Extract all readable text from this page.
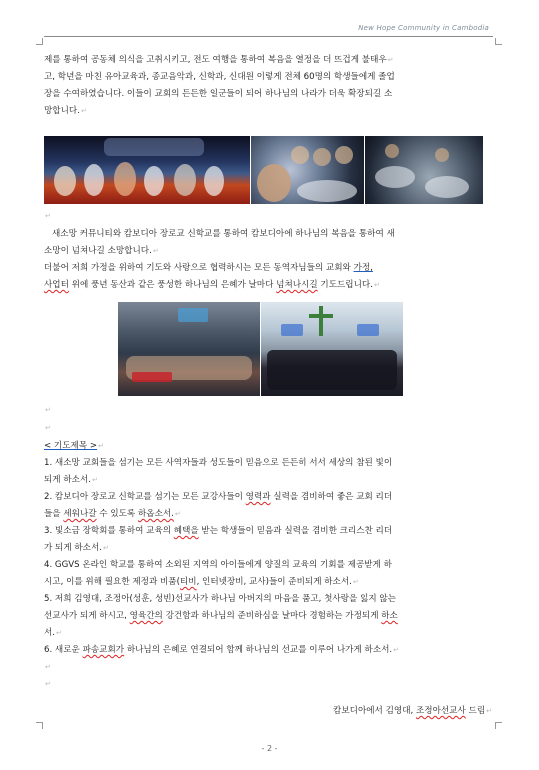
New Hope Community in Cambodia

제를 통하여 공동체 의식을 고취시키고, 전도 여행을 통하여 복음을 열정을 더 뜨겁게 불태우↵

고, 학년을 마친 유아교육과, 종교음악과, 신학과, 신대원 이렇게 전체 60명의 학생들에게 졸업

장을 수여하였습니다. 이들이 교회의 든든한 일군들이 되어 하나님의 나라가 더욱 확장되길 소

망합니다.↵

↵

새소망 커뮤니티와 캄보디아 장로교 신학교를 통하여 캄보디아에 하나님의 복음을 통하여 새

소망이 넘쳐나길 소망합니다.↵

더불어 저희 가정을 위하여 기도와 사랑으로 협력하시는 모든 동역자님들의 교회와 가정,

사업터 위에 풍년 동산과 같은 풍성한 하나님의 은혜가 날마다 넘쳐나시길 기도드립니다.↵

↵

↵

< 기도제목 >↵

1. 새소망 교회들을 섬기는 모든 사역자들과 성도들이 믿음으로 든든히 서서 세상의 참된 빛이

되게 하소서.↵

2. 캄보디아 장로교 신학교를 섬기는 모든 교강사들이 영력과 실력을 겸비하여 좋은 교회 리더

들을 세워나갈 수 있도록 하옵소서.↵

3. 빛소금 장학회를 통하여 교육의 혜택을 받는 학생들이 믿음과 실력을 겸비한 크리스찬 리더

가 되게 하소서.↵

4. GGVS 온라인 학교를 통하여 소외된 지역의 아이들에게 양질의 교육의 기회를 제공받게 하

시고, 이를 위해 필요한 제정과 비품(티비, 인터넷장비, 교사)들이 준비되게 하소서.↵

5. 저희 김영대, 조정아(성훈, 성빈)선교사가 하나님 아버지의 마음을 품고, 첫사랑을 잃지 않는

선교사가 되게 하시고, 영육간의 강건함과 하나님의 준비하심을 날마다 경험하는 가정되게 하소

서.↵

6. 새로운 파송교회가 하나님의 은혜로 연결되어 함께 하나님의 선교를 이루어 나가게 하소서.↵

↵

↵

캄보디아에서 김영대, 조정아선교사 드림↵

- 2 -
